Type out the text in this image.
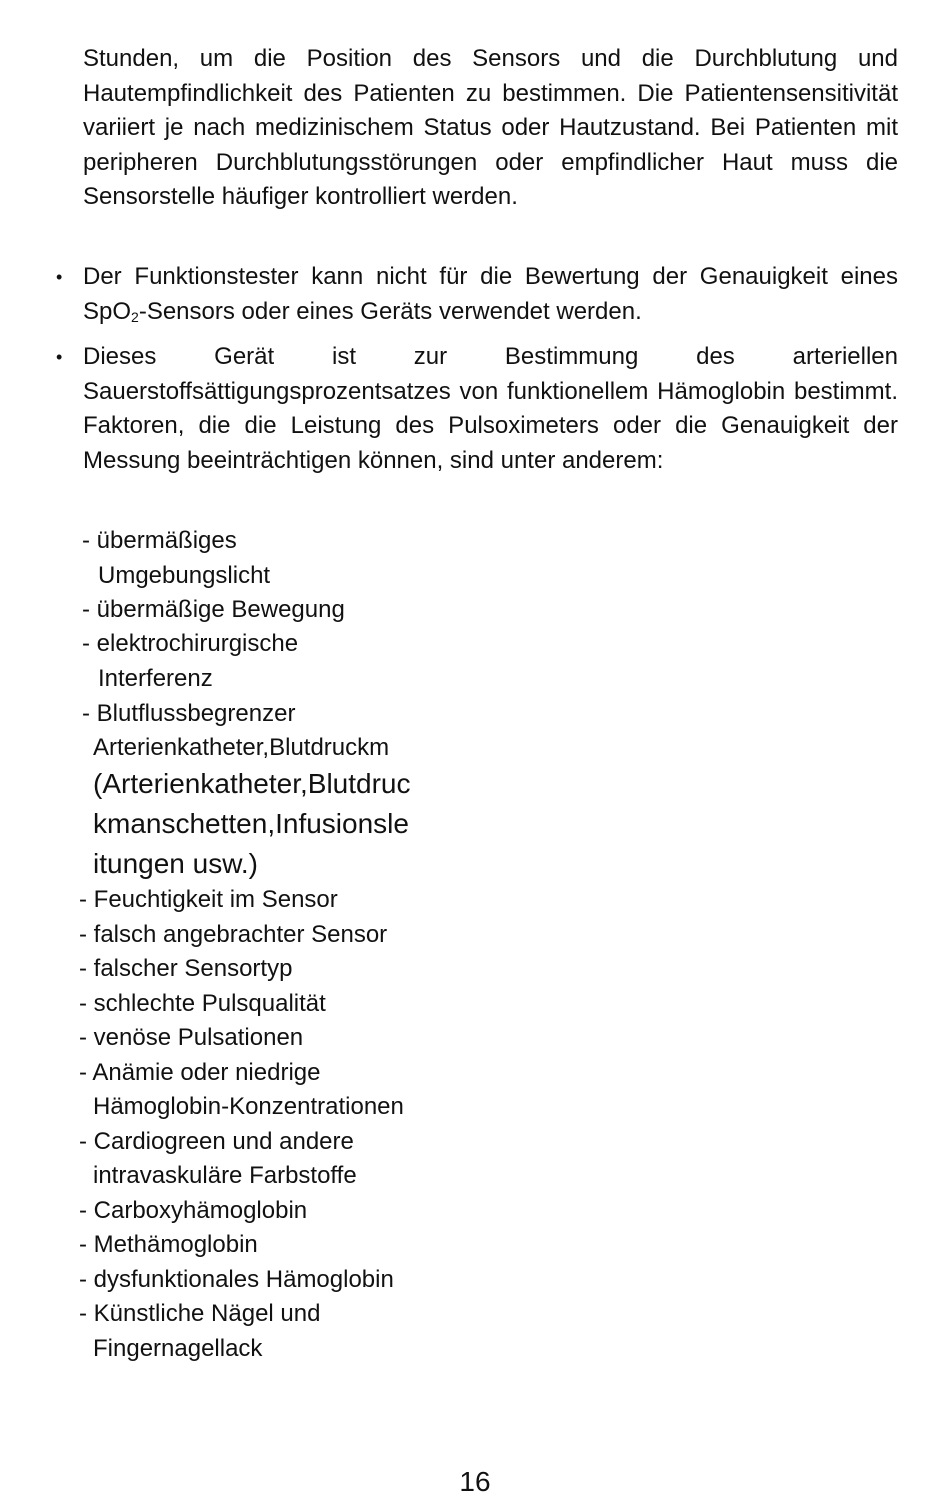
Stunden, um die Position des Sensors und die Durchblutung und Hautempfindlichkeit des Patienten zu bestimmen. Die Patientensensitivität variiert je nach medizinischem Status oder Hautzustand. Bei Patienten mit peripheren Durchblutungsstörungen oder empfindlicher Haut muss die Sensorstelle häufiger kontrolliert werden.

• Der Funktionstester kann nicht für die Bewertung der Genauigkeit eines SpO$_2$-Sensors oder eines Geräts verwendet werden.

• Dieses Gerät ist zur Bestimmung des arteriellen Sauerstoffsättigungsprozentsatzes von funktionellem Hämoglobin bestimmt. Faktoren, die die Leistung des Pulsoximeters oder die Genauigkeit der Messung beeinträchtigen können, sind unter anderem:

- übermäßiges
Umgebungslicht
- übermäßige Bewegung
- elektrochirurgische
Interferenz
- Blutflussbegrenzer
Arterienkatheter,Blutdruckm
(Arterienkatheter,Blutdruc
kmanschetten,Infusionsle
itungen usw.)
- Feuchtigkeit im Sensor
- falsch angebrachter Sensor
- falscher Sensortyp
- schlechte Pulsqualität
- venöse Pulsationen
- Anämie oder niedrige
Hämoglobin-Konzentrationen
- Cardiogreen und andere
intravaskuläre Farbstoffe
- Carboxyhämoglobin
- Methämoglobin
- dysfunktionales Hämoglobin
- Künstliche Nägel und
Fingernagellack
16
